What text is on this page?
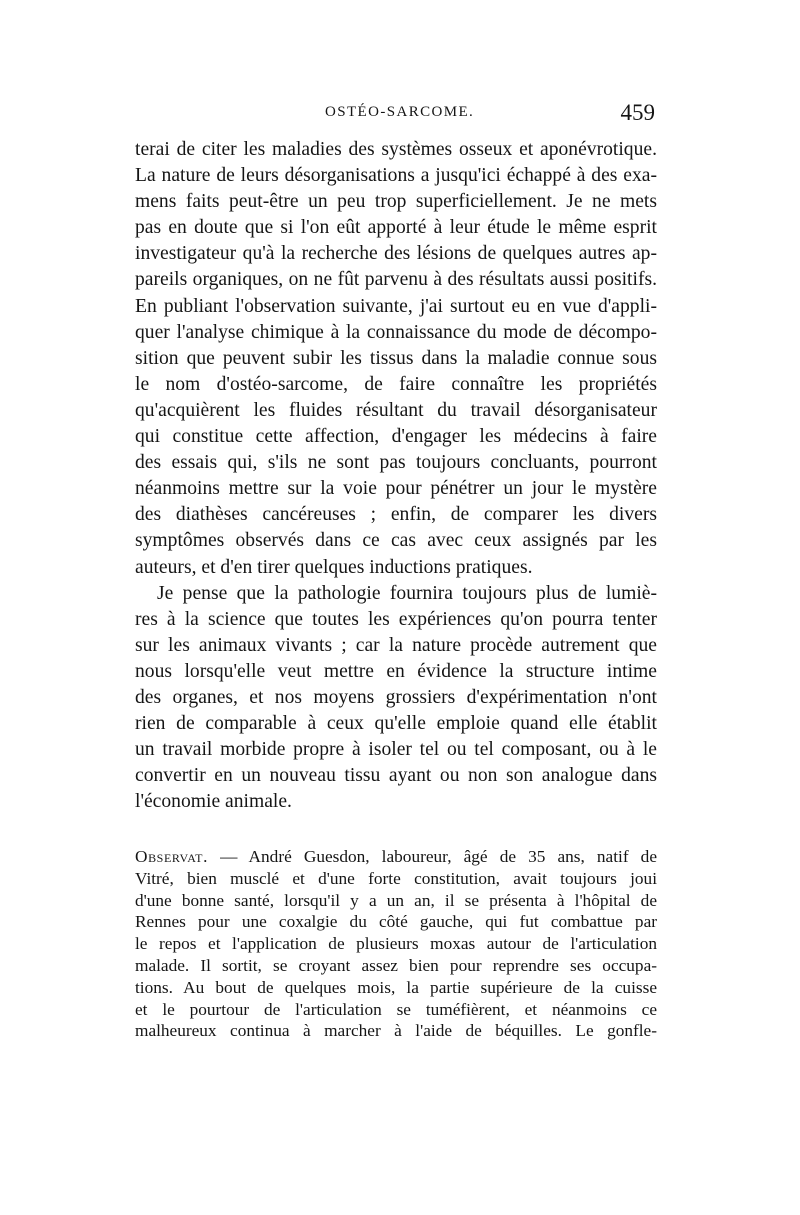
OSTÉO-SARCOME.	459
terai de citer les maladies des systèmes osseux et aponévrotique.
La nature de leurs désorganisations a jusqu'ici échappé à des exa-
mens faits peut-être un peu trop superficiellement. Je ne mets
pas en doute que si l'on eût apporté à leur étude le même esprit
investigateur qu'à la recherche des lésions de quelques autres ap-
pareils organiques, on ne fût parvenu à des résultats aussi positifs.
En publiant l'observation suivante, j'ai surtout eu en vue d'appli-
quer l'analyse chimique à la connaissance du mode de décompo-
sition que peuvent subir les tissus dans la maladie connue sous
le nom d'ostéo-sarcome, de faire connaître les propriétés
qu'acquièrent les fluides résultant du travail désorganisateur
qui constitue cette affection, d'engager les médecins à faire
des essais qui, s'ils ne sont pas toujours concluants, pourront
néanmoins mettre sur la voie pour pénétrer un jour le mystère
des diathèses cancéreuses ; enfin, de comparer les divers
symptômes observés dans ce cas avec ceux assignés par les
auteurs, et d'en tirer quelques inductions pratiques.
Je pense que la pathologie fournira toujours plus de lumiè-
res à la science que toutes les expériences qu'on pourra tenter
sur les animaux vivants ; car la nature procède autrement que
nous lorsqu'elle veut mettre en évidence la structure intime
des organes, et nos moyens grossiers d'expérimentation n'ont
rien de comparable à ceux qu'elle emploie quand elle établit
un travail morbide propre à isoler tel ou tel composant, ou à le
convertir en un nouveau tissu ayant ou non son analogue dans
l'économie animale.
Observat. — André Guesdon, laboureur, âgé de 35 ans, natif de
Vitré, bien musclé et d'une forte constitution, avait toujours joui
d'une bonne santé, lorsqu'il y a un an, il se présenta à l'hôpital de
Rennes pour une coxalgie du côté gauche, qui fut combattue par
le repos et l'application de plusieurs moxas autour de l'articulation
malade. Il sortit, se croyant assez bien pour reprendre ses occupa-
tions. Au bout de quelques mois, la partie supérieure de la cuisse
et le pourtour de l'articulation se tuméfièrent, et néanmoins ce
malheureux continua à marcher à l'aide de béquilles. Le gonfle-
